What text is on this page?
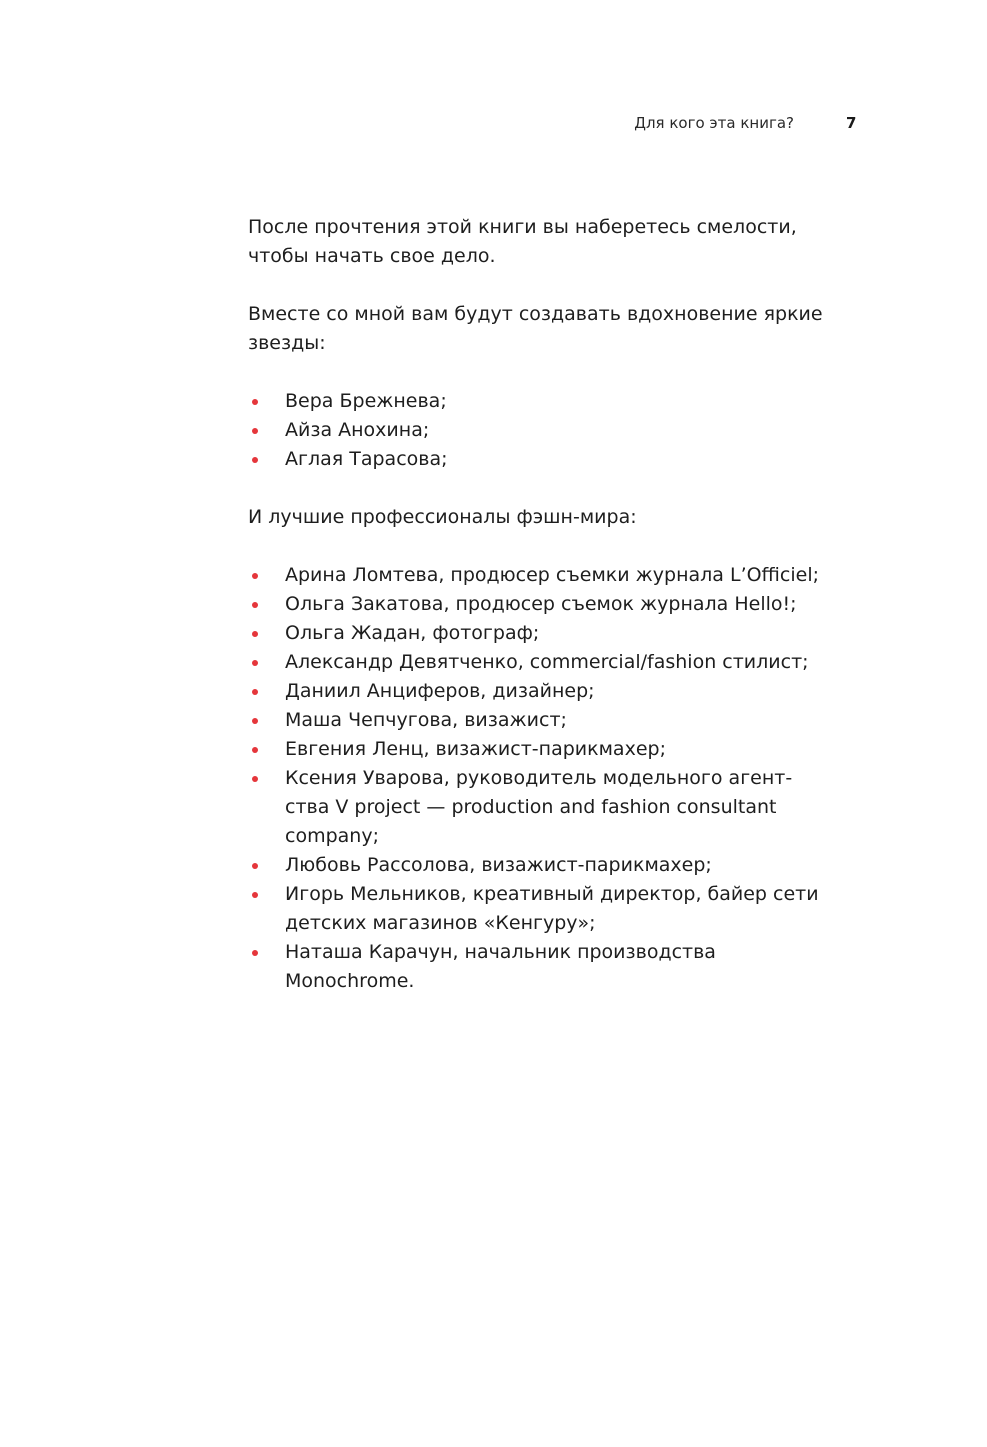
Для кого эта книга?	7

После прочтения этой книги вы наберетесь смелости,
чтобы начать свое дело.

Вместе со мной вам будут создавать вдохновение яркие
звезды:

Вера Брежнева;
Айза Анохина;
Аглая Тарасова;

И лучшие профессионалы фэшн-мира:

Арина Ломтева, продюсер съемки журнала L’Officiel;
Ольга Закатова, продюсер съемок журнала Hello!;
Ольга Жадан, фотограф;
Александр Девятченко, commercial/fashion стилист;
Даниил Анциферов, дизайнер;
Маша Чепчугова, визажист;
Евгения Ленц, визажист-парикмахер;
Ксения Уварова, руководитель модельного агент-
ства V project — production and fashion consultant
company;
Любовь Рассолова, визажист-парикмахер;
Игорь Мельников, креативный директор, байер сети
детских магазинов «Кенгуру»;
Наташа Карачун, начальник производства
Monochrome.
